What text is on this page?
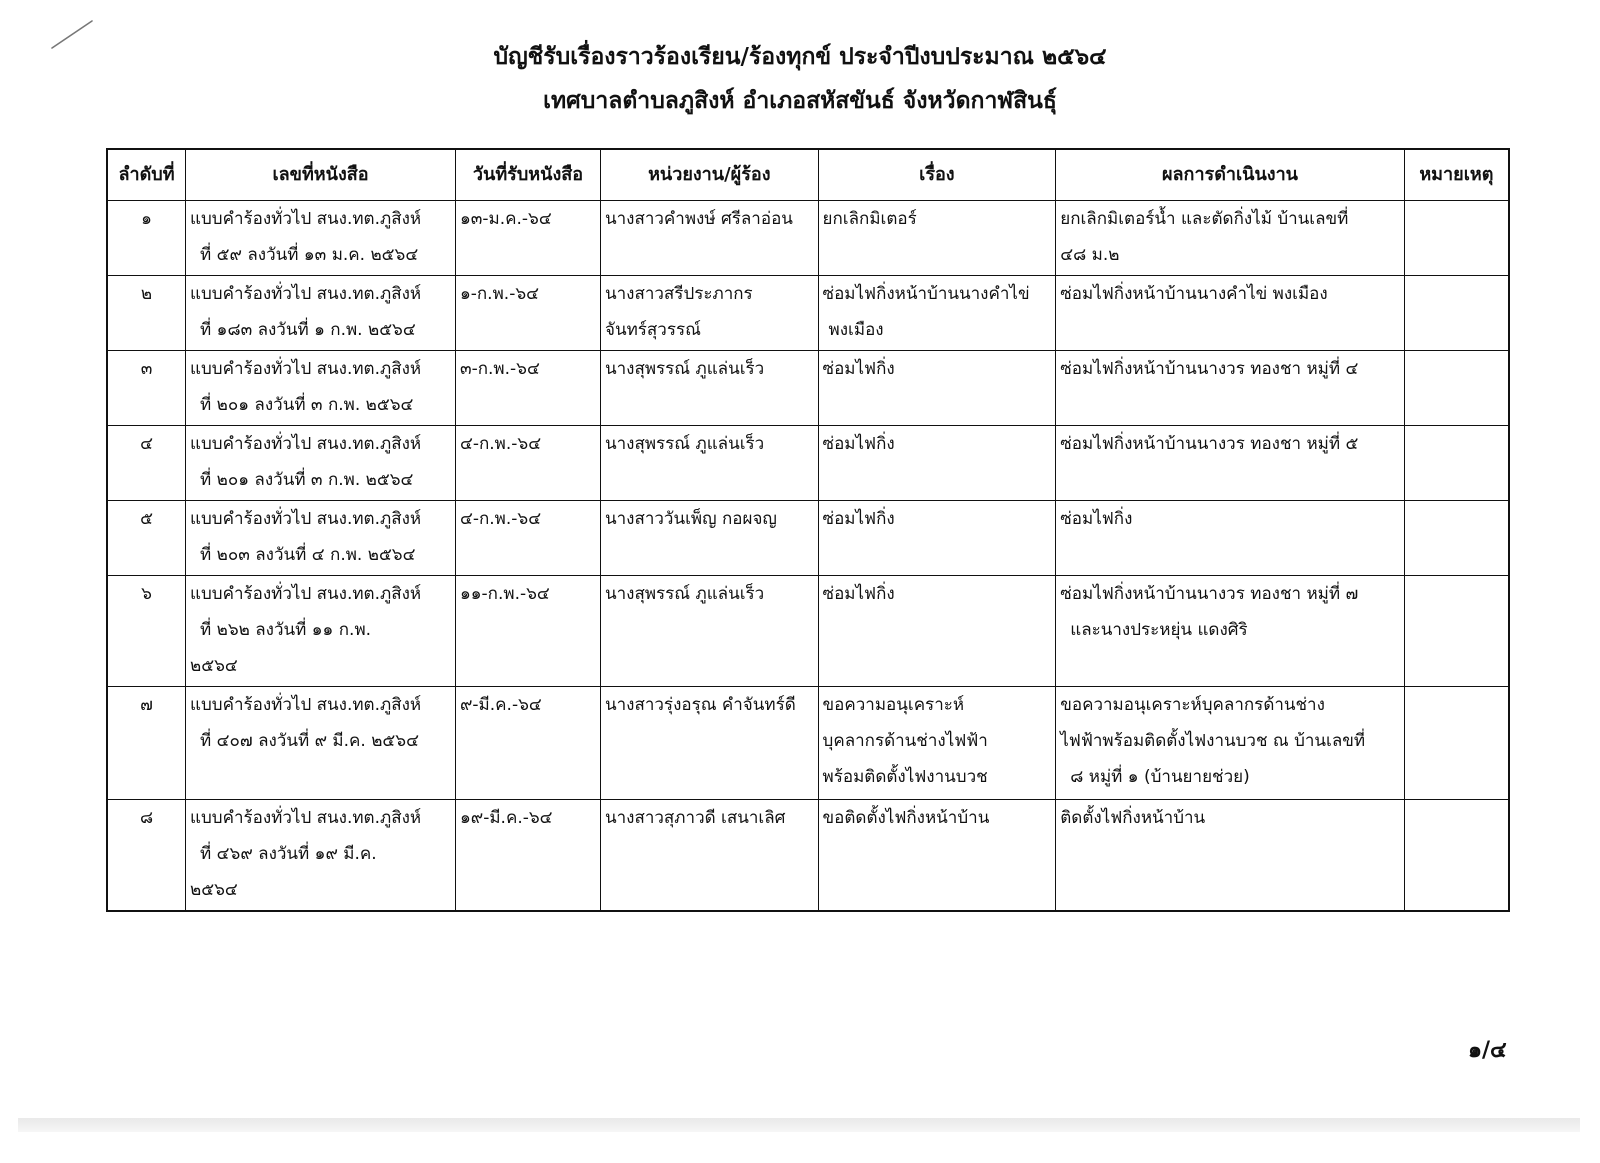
บัญชีรับเรื่องราวร้องเรียน/ร้องทุกข์ ประจำปีงบประมาณ ๒๕๖๔
เทศบาลตำบลภูสิงห์ อำเภอสหัสขันธ์ จังหวัดกาฬสินธุ์
ลำดับที่	เลขที่หนังสือ	วันที่รับหนังสือ	หน่วยงาน/ผู้ร้อง	เรื่อง	ผลการดำเนินงาน	หมายเหตุ
๑	แบบคำร้องทั่วไป สนง.ทต.ภูสิงห์
ที่ ๕๙ ลงวันที่ ๑๓ ม.ค. ๒๕๖๔	๑๓-ม.ค.-๖๔	นางสาวคำพงษ์ ศรีลาอ่อน	ยกเลิกมิเตอร์	ยกเลิกมิเตอร์น้ำ และตัดกิ่งไม้ บ้านเลขที่
๔๘ ม.๒	

๒	แบบคำร้องทั่วไป สนง.ทต.ภูสิงห์
ที่ ๑๘๓ ลงวันที่ ๑ ก.พ. ๒๕๖๔	๑-ก.พ.-๖๔	นางสาวสรีประภากร
จันทร์สุวรรณ์	ซ่อมไฟกิ่งหน้าบ้านนางคำไข่
พงเมือง	ซ่อมไฟกิ่งหน้าบ้านนางคำไข่ พงเมือง	

๓	แบบคำร้องทั่วไป สนง.ทต.ภูสิงห์
ที่ ๒๐๑ ลงวันที่ ๓ ก.พ. ๒๕๖๔	๓-ก.พ.-๖๔	นางสุพรรณ์ ภูแล่นเร็ว	ซ่อมไฟกิ่ง	ซ่อมไฟกิ่งหน้าบ้านนางวร ทองชา หมู่ที่ ๔	

๔	แบบคำร้องทั่วไป สนง.ทต.ภูสิงห์
ที่ ๒๐๑ ลงวันที่ ๓ ก.พ. ๒๕๖๔	๔-ก.พ.-๖๔	นางสุพรรณ์ ภูแล่นเร็ว	ซ่อมไฟกิ่ง	ซ่อมไฟกิ่งหน้าบ้านนางวร ทองชา หมู่ที่ ๕	

๕	แบบคำร้องทั่วไป สนง.ทต.ภูสิงห์
ที่ ๒๐๓ ลงวันที่ ๔ ก.พ. ๒๕๖๔	๔-ก.พ.-๖๔	นางสาววันเพ็ญ กอผจญ	ซ่อมไฟกิ่ง	ซ่อมไฟกิ่ง	

๖	แบบคำร้องทั่วไป สนง.ทต.ภูสิงห์
ที่ ๒๖๒ ลงวันที่ ๑๑ ก.พ.
๒๕๖๔	๑๑-ก.พ.-๖๔	นางสุพรรณ์ ภูแล่นเร็ว	ซ่อมไฟกิ่ง	ซ่อมไฟกิ่งหน้าบ้านนางวร ทองชา หมู่ที่ ๗
และนางประหยุ่น แดงศิริ	

๗	แบบคำร้องทั่วไป สนง.ทต.ภูสิงห์
ที่ ๔๐๗ ลงวันที่ ๙ มี.ค. ๒๕๖๔	๙-มี.ค.-๖๔	นางสาวรุ่งอรุณ คำจันทร์ดี	ขอความอนุเคราะห์
บุคลากรด้านช่างไฟฟ้า
พร้อมติดตั้งไฟงานบวช	ขอความอนุเคราะห์บุคลากรด้านช่าง
ไฟฟ้าพร้อมติดตั้งไฟงานบวช ณ บ้านเลขที่
๘ หมู่ที่ ๑ (บ้านยายช่วย)	

๘	แบบคำร้องทั่วไป สนง.ทต.ภูสิงห์
ที่ ๔๖๙ ลงวันที่ ๑๙ มี.ค.
๒๕๖๔	๑๙-มี.ค.-๖๔	นางสาวสุภาวดี เสนาเลิศ	ขอติดตั้งไฟกิ่งหน้าบ้าน	ติดตั้งไฟกิ่งหน้าบ้าน	

๑/๔
